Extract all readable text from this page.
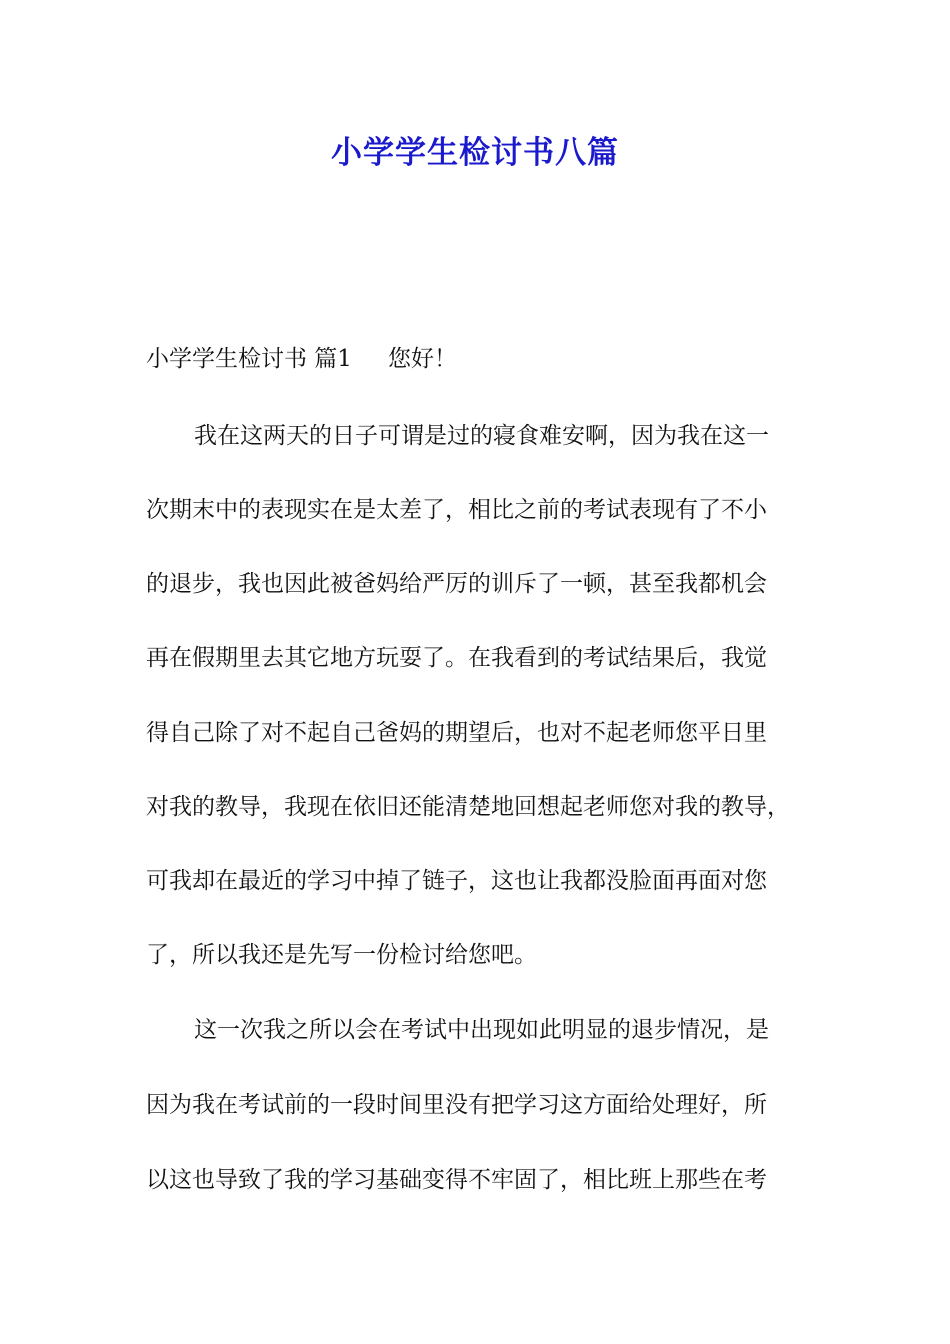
小学学生检讨书八篇
小学学生检讨书 篇1 您好！

我在这两天的日子可谓是过的寝食难安啊，因为我在这一

次期末中的表现实在是太差了，相比之前的考试表现有了不小

的退步，我也因此被爸妈给严厉的训斥了一顿，甚至我都机会

再在假期里去其它地方玩耍了。在我看到的考试结果后，我觉

得自己除了对不起自己爸妈的期望后，也对不起老师您平日里

对我的教导，我现在依旧还能清楚地回想起老师您对我的教导，

可我却在最近的学习中掉了链子，这也让我都没脸面再面对您

了，所以我还是先写一份检讨给您吧。

这一次我之所以会在考试中出现如此明显的退步情况，是

因为我在考试前的一段时间里没有把学习这方面给处理好，所

以这也导致了我的学习基础变得不牢固了，相比班上那些在考
